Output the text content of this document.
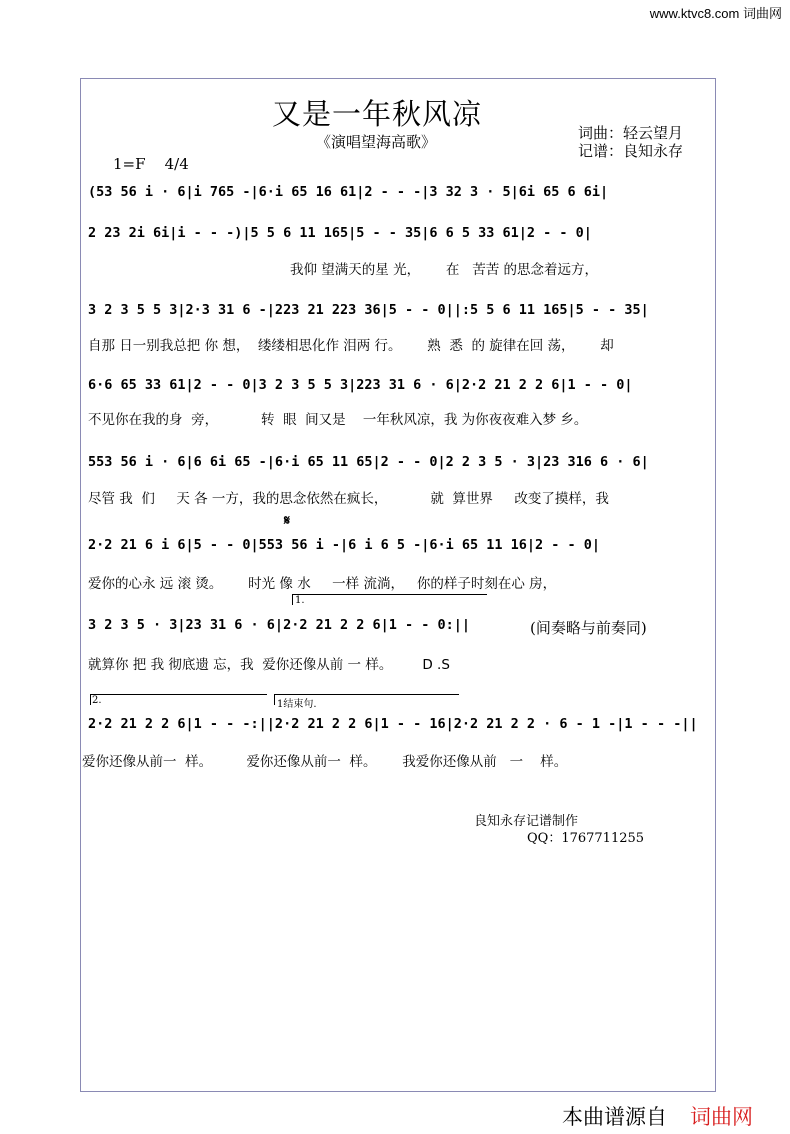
www.ktvc8.com 词曲网
又是一年秋风凉
《演唱望海高歌》	词曲：轻云望月
记谱：良知永存
1=F 4/4
(53 56 i · 6|i 765 -|6·i 65 16 61|2 - - -|3 32 3 · 5|6i 65 6 6i|
2 23 2i 6i|i - - -)|5 5 6 11 165|5 - - 35|6 6 5 33 61|2 - - 0|
我仰 望满天的星 光，      在   苦苦 的思念着远方，
3 2 3 5 5 3|2·3 31 6 -|223 21 223 36|5 - - 0||:5 5 6 11 165|5 - - 35|
自那 日一别我总把 你 想，  缕缕相思化作 泪两 行。      熟  悉  的 旋律在回 荡，      却
6·6 65 33 61|2 - - 0|3 2 3 5 5 3|223 31 6 · 6|2·2 21 2 2 6|1 - - 0|
不见你在我的身  旁，          转  眼  间又是    一年秋风凉，我 为你夜夜难入梦 乡。
553 56 i · 6|6 6i 65 -|6·i 65 11 65|2 - - 0|2 2 3 5 · 3|23 316 6 · 6|
尽管 我  们     天 各 一方，我的思念依然在疯长，          就  算世界     改变了摸样，我
𝄋
2·2 21 6 i 6|5 - - 0|553 56 i -|6 i 6 5 -|6·i 65 11 16|2 - - 0|
爱你的心永 远 滚 烫。      时光 像 水     一样 流淌，   你的样子时刻在心 房，
1.
3 2 3 5 · 3|23 31 6 · 6|2·2 21 2 2 6|1 - - 0:||	(间奏略与前奏同)
就算你 把 我 彻底遗 忘，我  爱你还像从前 一 样。       D .S
2.	1结束句.
2·2 21 2 2 6|1 - - -:||2·2 21 2 2 6|1 - - 16|2·2 21 2 2 · 6 - 1 -|1 - - -||
爱你还像从前一  样。        爱你还像从前一  样。      我爱你还像从前   一    样。
良知永存记谱制作
QQ：1767711255
本曲谱源自 词曲网
